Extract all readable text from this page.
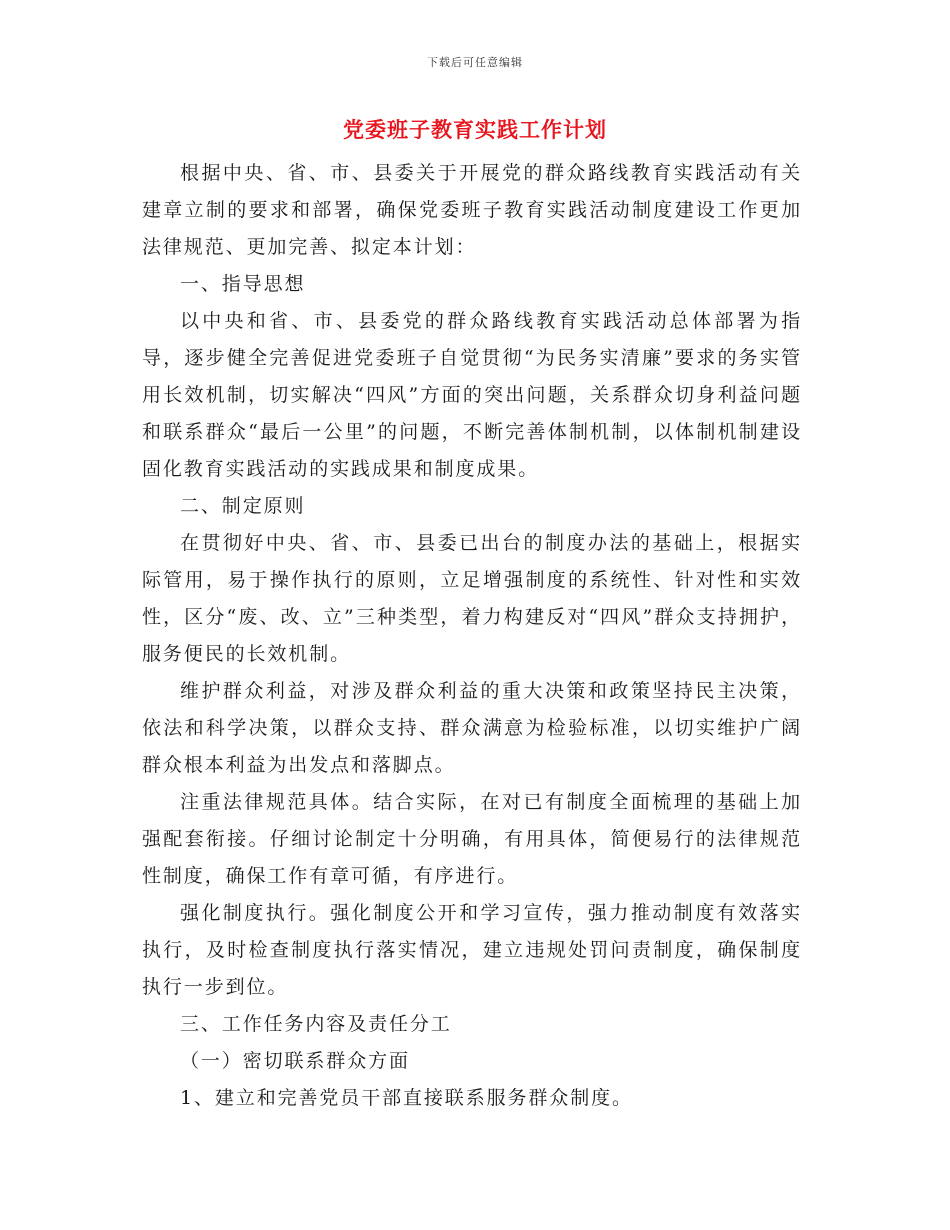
下载后可任意编辑
党委班子教育实践工作计划

根据中央、省、市、县委关于开展党的群众路线教育实践活动有关建章立制的要求和部署，确保党委班子教育实践活动制度建设工作更加法律规范、更加完善、拟定本计划：

一、指导思想

以中央和省、市、县委党的群众路线教育实践活动总体部署为指导，逐步健全完善促进党委班子自觉贯彻“为民务实清廉”要求的务实管用长效机制，切实解决“四风”方面的突出问题，关系群众切身利益问题和联系群众“最后一公里”的问题，不断完善体制机制，以体制机制建设固化教育实践活动的实践成果和制度成果。

二、制定原则

在贯彻好中央、省、市、县委已出台的制度办法的基础上，根据实际管用，易于操作执行的原则，立足增强制度的系统性、针对性和实效性，区分“废、改、立”三种类型，着力构建反对“四风”群众支持拥护，服务便民的长效机制。

维护群众利益，对涉及群众利益的重大决策和政策坚持民主决策，依法和科学决策，以群众支持、群众满意为检验标准，以切实维护广阔群众根本利益为出发点和落脚点。

注重法律规范具体。结合实际，在对已有制度全面梳理的基础上加强配套衔接。仔细讨论制定十分明确，有用具体，简便易行的法律规范性制度，确保工作有章可循，有序进行。

强化制度执行。强化制度公开和学习宣传，强力推动制度有效落实执行，及时检查制度执行落实情况，建立违规处罚问责制度，确保制度执行一步到位。

三、工作任务内容及责任分工

（一）密切联系群众方面

1、建立和完善党员干部直接联系服务群众制度。
